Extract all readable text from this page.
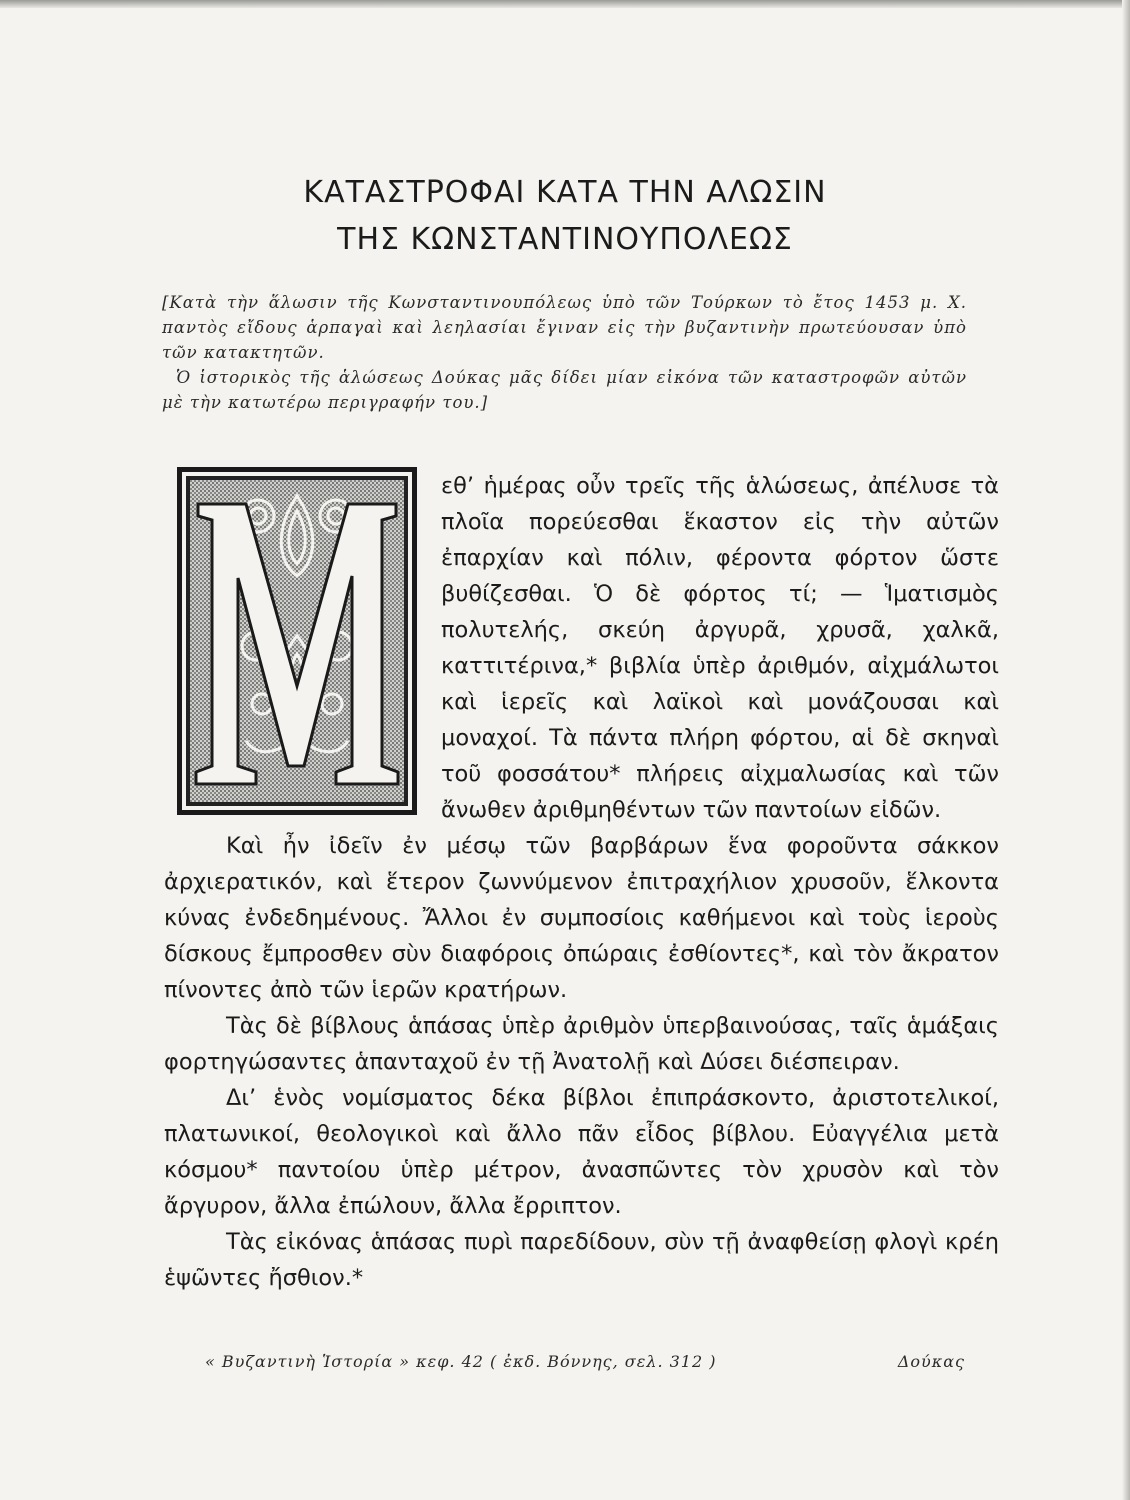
ΚΑΤΑΣΤΡΟΦΑΙ ΚΑΤΑ ΤΗΝ ΑΛΩΣΙΝ
ΤΗΣ ΚΩΝΣΤΑΝΤΙΝΟΥΠΟΛΕΩΣ

[Κατὰ τὴν ἅλωσιν τῆς Κωνσταντινουπόλεως ὑπὸ τῶν Τούρκων τὸ ἔτος 1453 μ. Χ. παντὸς εἴδους ἁρπαγαὶ καὶ λεηλασίαι ἔγιναν εἰς τὴν βυζαντινὴν πρωτεύουσαν ὑπὸ τῶν κατακτητῶν.

Ὁ ἱστορικὸς τῆς ἁλώσεως Δούκας μᾶς δίδει μίαν εἰκόνα τῶν καταστροφῶν αὐτῶν μὲ τὴν κατωτέρω περιγραφήν του.]

εθ’ ἡμέρας οὖν τρεῖς τῆς ἁλώσεως, ἀπέλυσε τὰ πλοῖα πορεύεσθαι ἕκαστον εἰς τὴν αὐτῶν ἐπαρχίαν καὶ πόλιν, φέροντα φόρτον ὥστε βυθίζεσθαι. Ὁ δὲ φόρτος τί; — Ἱματισμὸς πολυτελής, σκεύη ἀργυρᾶ, χρυσᾶ, χαλκᾶ, καττιτέρινα,* βιβλία ὑπὲρ ἀριθμόν, αἰχμάλωτοι καὶ ἱερεῖς καὶ λαϊκοὶ καὶ μονάζουσαι καὶ μοναχοί. Τὰ πάντα πλήρη φόρτου, αἱ δὲ σκηναὶ τοῦ φοσσάτου* πλήρεις αἰχμαλωσίας καὶ τῶν ἄνωθεν ἀριθμηθέντων τῶν παντοίων εἰδῶν.

Καὶ ἦν ἰδεῖν ἐν μέσῳ τῶν βαρβάρων ἕνα φοροῦντα σάκκον ἀρχιερατικόν, καὶ ἕτερον ζωννύμενον ἐπιτραχήλιον χρυσοῦν, ἕλκοντα κύνας ἐνδεδημένους. Ἄλλοι ἐν συμποσίοις καθήμενοι καὶ τοὺς ἱεροὺς δίσκους ἔμπροσθεν σὺν διαφόροις ὀπώραις ἐσθίοντες*, καὶ τὸν ἄκρατον πίνοντες ἀπὸ τῶν ἱερῶν κρατήρων.

Τὰς δὲ βίβλους ἁπάσας ὑπὲρ ἀριθμὸν ὑπερβαινούσας, ταῖς ἁμάξαις φορτηγώσαντες ἁπανταχοῦ ἐν τῇ Ἀνατολῇ καὶ Δύσει διέσπειραν.

Δι’ ἑνὸς νομίσματος δέκα βίβλοι ἐπιπράσκοντο, ἀριστοτελικοί, πλατωνικοί, θεολογικοὶ καὶ ἄλλο πᾶν εἶδος βίβλου. Εὐαγγέλια μετὰ κόσμου* παντοίου ὑπὲρ μέτρον, ἀνασπῶντες τὸν χρυσὸν καὶ τὸν ἄργυρον, ἄλλα ἐπώλουν, ἄλλα ἔρριπτον.

Τὰς εἰκόνας ἁπάσας πυρὶ παρεδίδουν, σὺν τῇ ἀναφθείσῃ φλογὶ κρέη ἑψῶντες ἤσθιον.*

« Βυζαντινὴ Ἱστορία » κεφ. 42 ( ἐκδ. Βόννης, σελ. 312 )	Δούκας
